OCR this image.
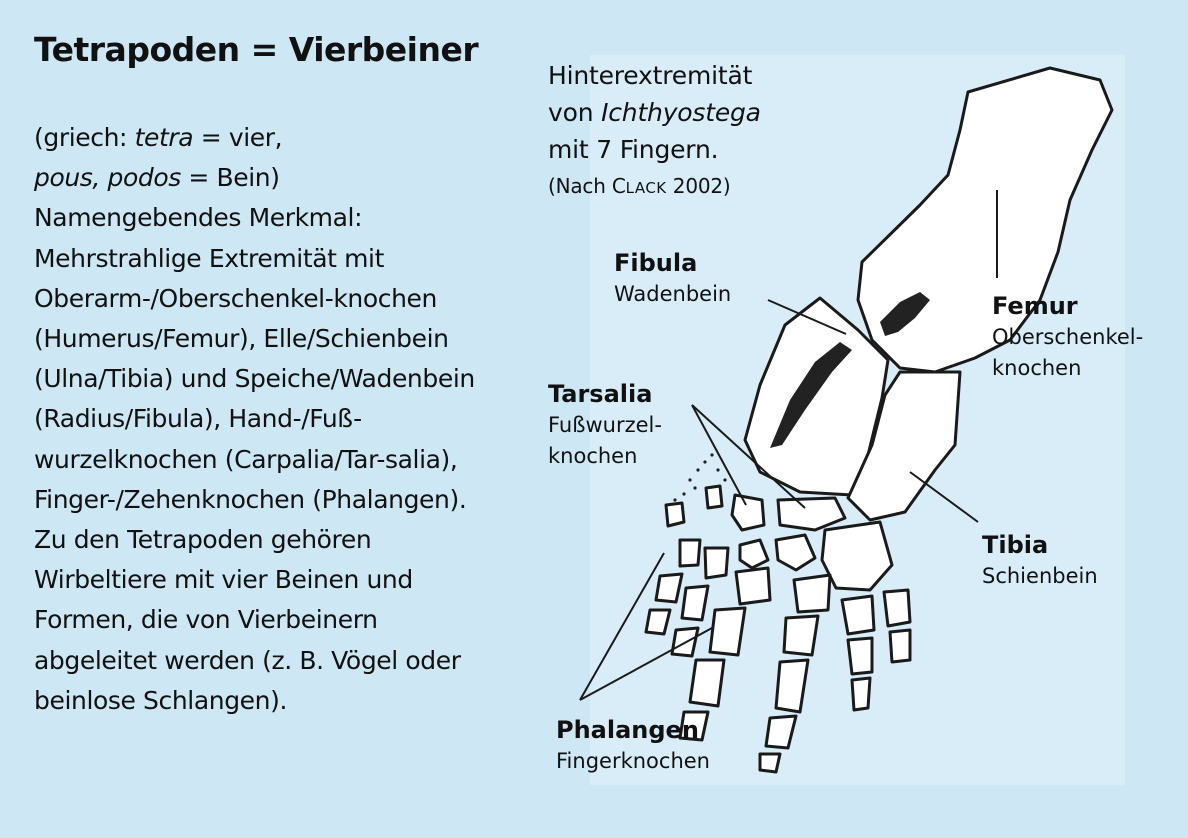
Tetrapoden = Vierbeiner

(griech: tetra = vier,
pous, podos = Bein)

Namengebendes Merkmal: Mehrstrahlige Extremität mit Oberarm-/Oberschenkel-knochen (Humerus/Femur), Elle/Schienbein (Ulna/Tibia) und Speiche/Wadenbein (Radius/Fibula), Hand-/Fuß-wurzelknochen (Carpalia/Tar-salia), Finger-/Zehenknochen (Phalangen).

Zu den Tetrapoden gehören Wirbeltiere mit vier Beinen und Formen, die von Vierbeinern abgeleitet werden (z. B. Vögel oder beinlose Schlangen).

Hinterextremität
von Ichthyostega
mit 7 Fingern.
(Nach CLACK 2002)
Fibula
Wadenbein	Femur
Oberschenkel-
knochen
Tarsalia
Fußwurzel-
knochen
Tibia
Schienbein
Phalangen
Fingerknochen
